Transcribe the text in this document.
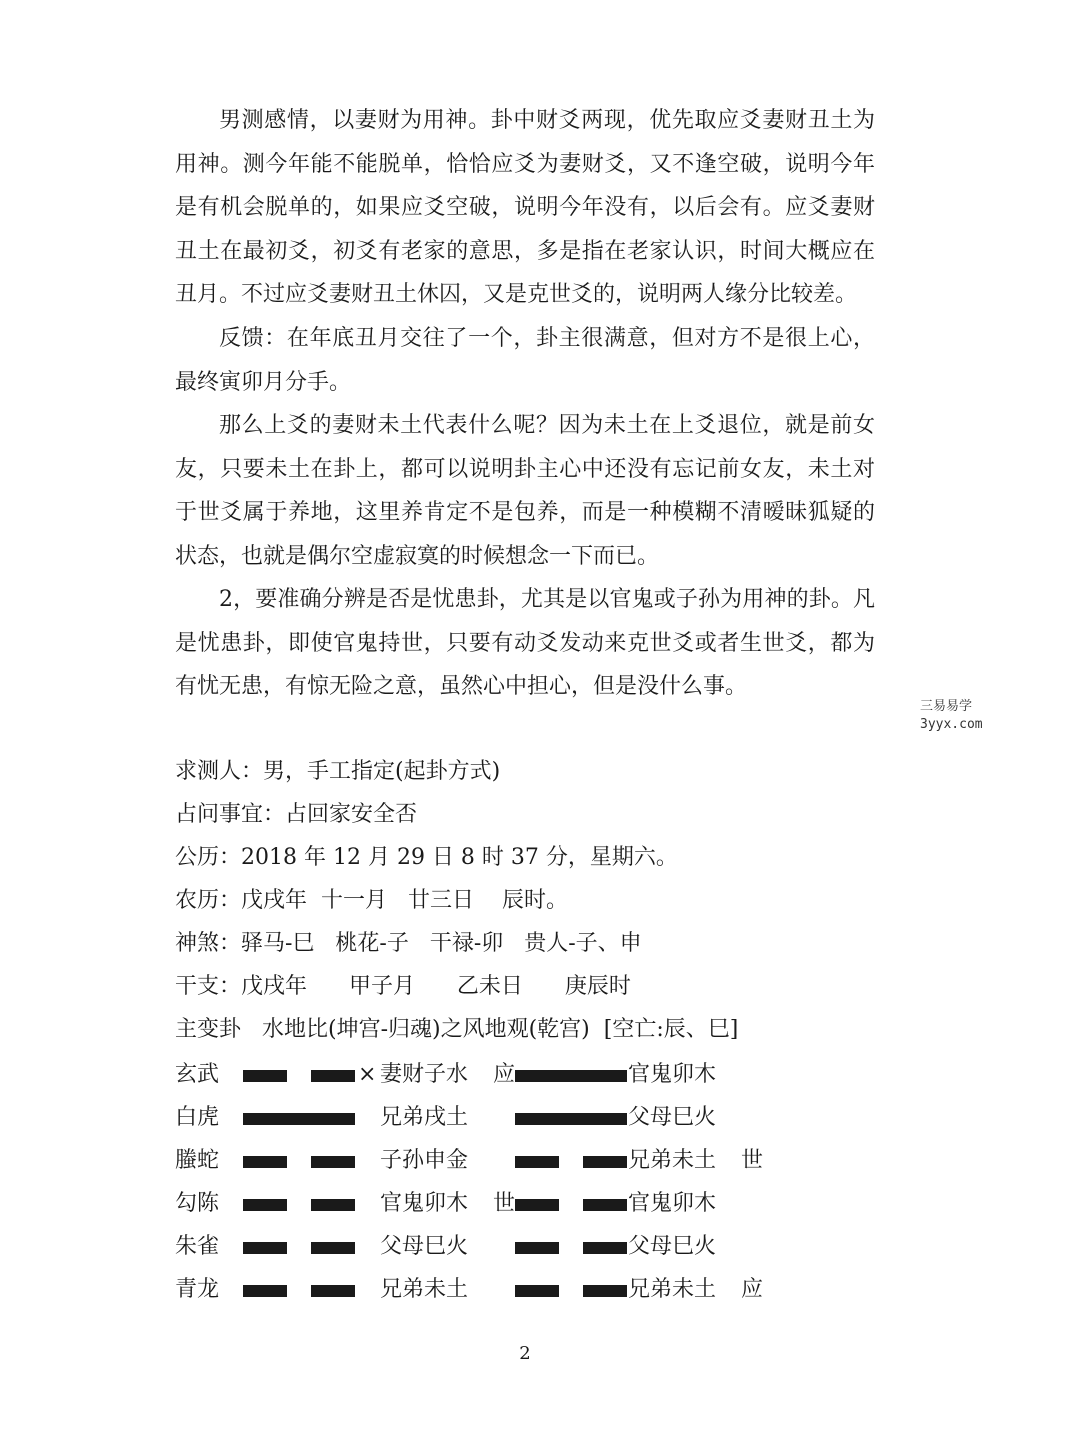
男测感情，以妻财为用神。卦中财爻两现，优先取应爻妻财丑土为用神。测今年能不能脱单，恰恰应爻为妻财爻，又不逢空破，说明今年是有机会脱单的，如果应爻空破，说明今年没有，以后会有。应爻妻财丑土在最初爻，初爻有老家的意思，多是指在老家认识，时间大概应在丑月。不过应爻妻财丑土休囚，又是克世爻的，说明两人缘分比较差。

反馈：在年底丑月交往了一个，卦主很满意，但对方不是很上心，最终寅卯月分手。

那么上爻的妻财未土代表什么呢？因为未土在上爻退位，就是前女友，只要未土在卦上，都可以说明卦主心中还没有忘记前女友，未土对于世爻属于养地，这里养肯定不是包养，而是一种模糊不清暧昧狐疑的状态，也就是偶尔空虚寂寞的时候想念一下而已。

2，要准确分辨是否是忧患卦，尤其是以官鬼或子孙为用神的卦。凡是忧患卦，即使官鬼持世，只要有动爻发动来克世爻或者生世爻，都为有忧无患，有惊无险之意，虽然心中担心，但是没什么事。

三易易学
3yyx.com
求测人：男，手工指定(起卦方式)
占问事宜：占回家安全否
公历：2018 年 12 月 29 日 8 时 37 分，星期六。
农历：戊戌年  十一月   廿三日    辰时。
神煞：驿马-巳   桃花-子   干禄-卯   贵人-子、申
干支：戊戌年      甲子月      乙未日      庚辰时
主变卦   水地比(坤宫-归魂)之风地观(乾宫)  [空亡:辰、巳]
玄武	× 妻财子水 应	官鬼卯木
白虎	兄弟戌土	父母巳火
螣蛇	子孙申金	兄弟未土 世
勾陈	官鬼卯木 世	官鬼卯木
朱雀	父母巳火	父母巳火
青龙	兄弟未土	兄弟未土 应
2
